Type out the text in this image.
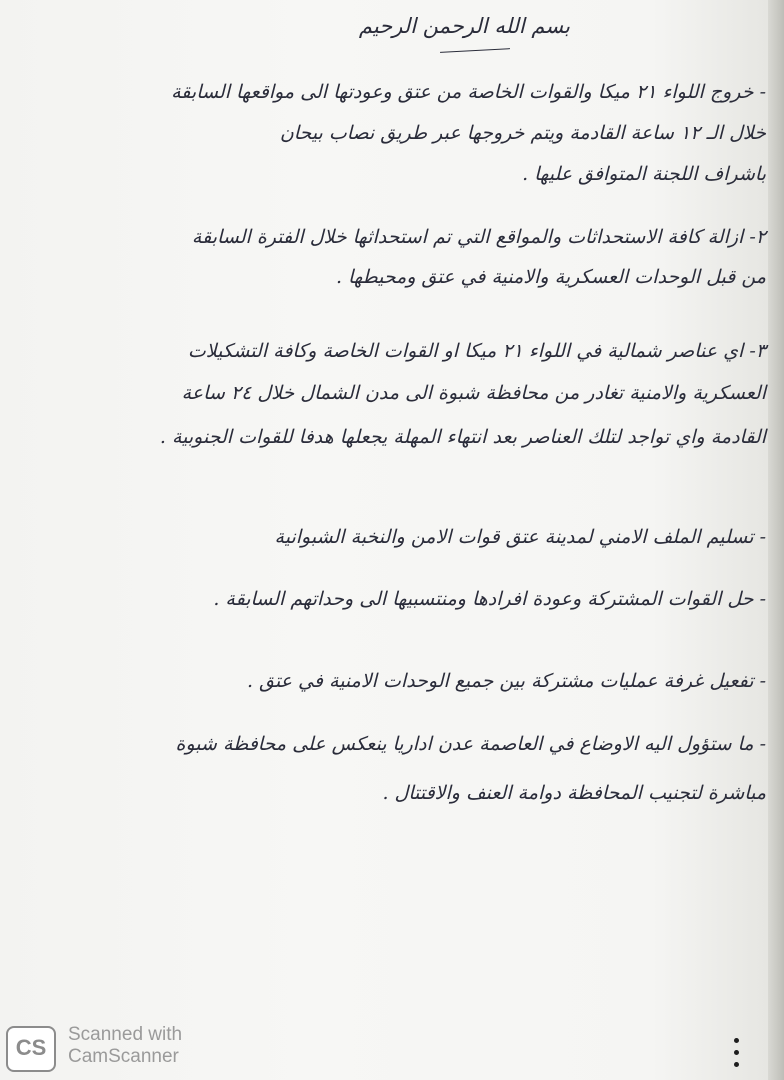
بسم الله الرحمن الرحيم
- خروج اللواء ٢١ ميكا والقوات الخاصة من عتق وعودتها الى مواقعها السابقة
خلال الـ ١٢ ساعة القادمة ويتم خروجها عبر طريق نصاب بيحان
باشراف اللجنة المتوافق عليها .
٢- ازالة كافة الاستحداثات والمواقع التي تم استحداثها خلال الفترة السابقة
من قبل الوحدات العسكرية والامنية في عتق ومحيطها .
٣- اي عناصر شمالية في اللواء ٢١ ميكا او القوات الخاصة وكافة التشكيلات
العسكرية والامنية تغادر من محافظة شبوة الى مدن الشمال خلال ٢٤ ساعة
القادمة واي تواجد لتلك العناصر بعد انتهاء المهلة يجعلها هدفا للقوات الجنوبية .
- تسليم الملف الامني لمدينة عتق قوات الامن والنخبة الشبوانية
- حل القوات المشتركة وعودة افرادها ومنتسبيها الى وحداتهم السابقة .
- تفعيل غرفة عمليات مشتركة بين جميع الوحدات الامنية في عتق .
- ما ستؤول اليه الاوضاع في العاصمة عدن اداريا ينعكس على محافظة شبوة
مباشرة لتجنيب المحافظة دوامة العنف والاقتتال .
CS
Scanned with
CamScanner
